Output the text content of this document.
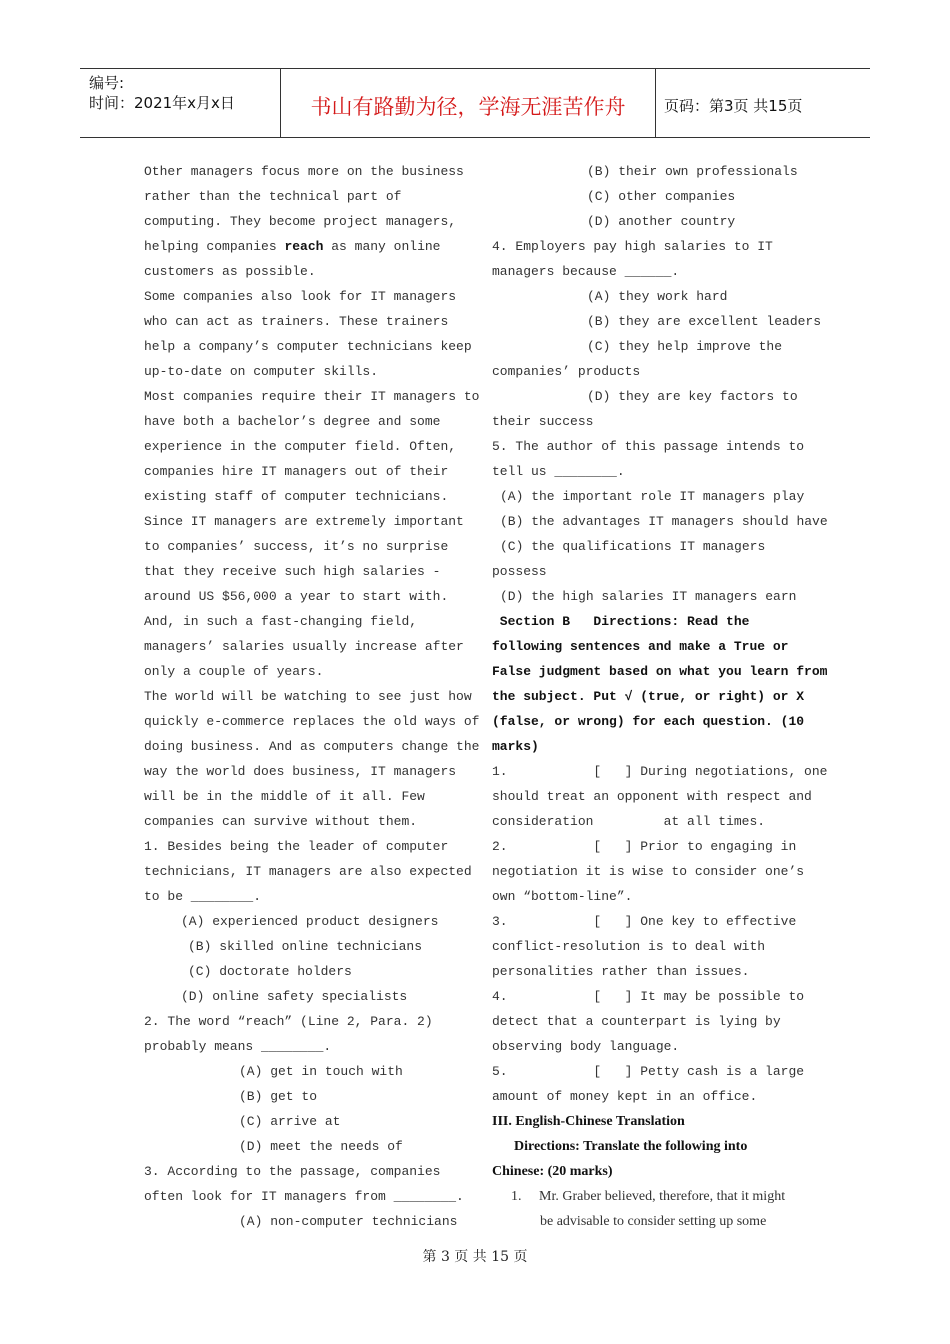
编号:
时间：2021年x月x日	书山有路勤为径，学海无涯苦作舟	页码：第3页 共15页
Other managers focus more on the business
rather than the technical part of
computing. They become project managers,
helping companies reach as many online
customers as possible.
Some companies also look for IT managers
who can act as trainers. These trainers
help a company’s computer technicians keep
up-to-date on computer skills.
Most companies require their IT managers to
have both a bachelor’s degree and some
experience in the computer field. Often,
companies hire IT managers out of their
existing staff of computer technicians.
Since IT managers are extremely important
to companies’ success, it’s no surprise
that they receive such high salaries -
around US $56,000 a year to start with.
And, in such a fast-changing field,
managers’ salaries usually increase after
only a couple of years.
The world will be watching to see just how
quickly e-commerce replaces the old ways of
doing business. And as computers change the
way the world does business, IT managers
will be in the middle of it all. Few
companies can survive without them.
1. Besides being the leader of computer
technicians, IT managers are also expected
to be ________.
(A) experienced product designers
(B) skilled online technicians
(C) doctorate holders
(D) online safety specialists
2. The word “reach” (Line 2, Para. 2)
probably means ________.
(A) get in touch with
(B) get to
(C) arrive at
(D) meet the needs of
3. According to the passage, companies
often look for IT managers from ________.
(A) non-computer technicians
(B) their own professionals
(C) other companies
(D) another country
4. Employers pay high salaries to IT
managers because ______.
(A) they work hard
(B) they are excellent leaders
(C) they help improve the
companies’ products
(D) they are key factors to
their success
5. The author of this passage intends to
tell us ________.
(A) the important role IT managers play
(B) the advantages IT managers should have
(C) the qualifications IT managers
possess
(D) the high salaries IT managers earn
Section B   Directions: Read the
following sentences and make a True or
False judgment based on what you learn from
the subject. Put √ (true, or right) or X
(false, or wrong) for each question. (10
marks)
1.           [   ] During negotiations, one
should treat an opponent with respect and
consideration         at all times.
2.           [   ] Prior to engaging in
negotiation it is wise to consider one’s
own “bottom-line”.
3.           [   ] One key to effective
conflict-resolution is to deal with
personalities rather than issues.
4.           [   ] It may be possible to
detect that a counterpart is lying by
observing body language.
5.           [   ] Petty cash is a large
amount of money kept in an office.
III. English-Chinese Translation
Directions: Translate the following into
Chinese: (20 marks)
1.     Mr. Graber believed, therefore, that it might
be advisable to consider setting up some
第 3 页 共 15 页
